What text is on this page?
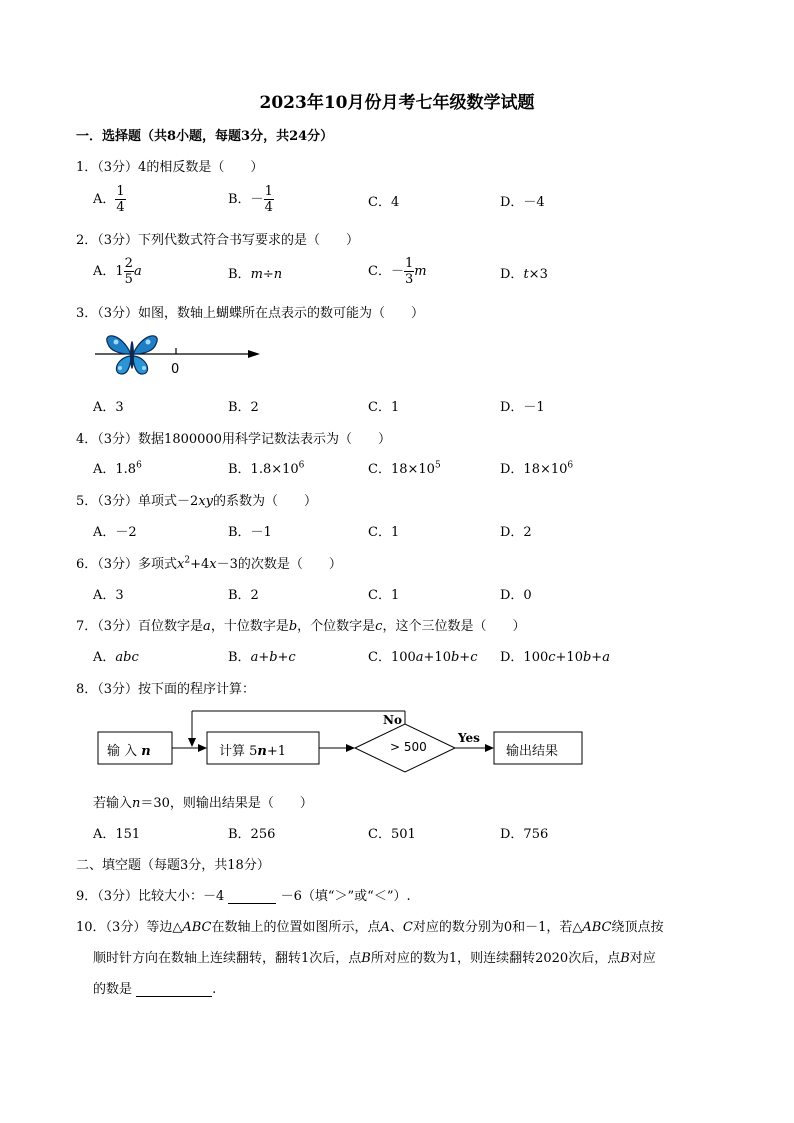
2023年10月份月考七年级数学试题
一．选择题（共8小题，每题3分，共24分）
1．（3分）4的相反数是（　　）
A． $\frac{1}{4}$	B．－ $\frac{1}{4}$	C．4	D．－4
2．（3分）下列代数式符合书写要求的是（　　）
A．$1 \frac{2}{5}$ a	B．m÷n	C．－ $\frac{1}{3}$ m	D．t×3
3．（3分）如图，数轴上蝴蝶所在点表示的数可能为（　　）
0
A．3	B．2	C．1	D．－1
4．（3分）数据1800000用科学记数法表示为（　　）
A．$1.8^6$	B．$1.8\times 10^6$	C．$18\times 10^5$	D．$18\times 10^6$
5．（3分）单项式－2xy的系数为（　　）
A．－2	B．－1	C．1	D．2
6．（3分）多项式$x^2+4x-3$的次数是（　　）
A．3	B．2	C．1	D．0
7．（3分）百位数字是a，十位数字是b，个位数字是c，这个三位数是（　　）
A．abc	B．a+b+c	C．100a+10b+c D．100c+10b+a
8．（3分）按下面的程序计算：
输 入 n	计算 5n+1	> 500
No
Yes
输出结果
若输入n＝30，则输出结果是（　　）
A．151	B．256	C．501	D．756
二、填空题（每题3分，共18分）
9．（3分）比较大小：－4	－6（填“＞”或“＜”）.
10．（3分）等边△ABC在数轴上的位置如图所示，点A、C对应的数分别为0和－1，若△ABC绕顶点按
顺时针方向在数轴上连续翻转，翻转1次后，点B所对应的数为1，则连续翻转2020次后，点B对应
的数是	.
